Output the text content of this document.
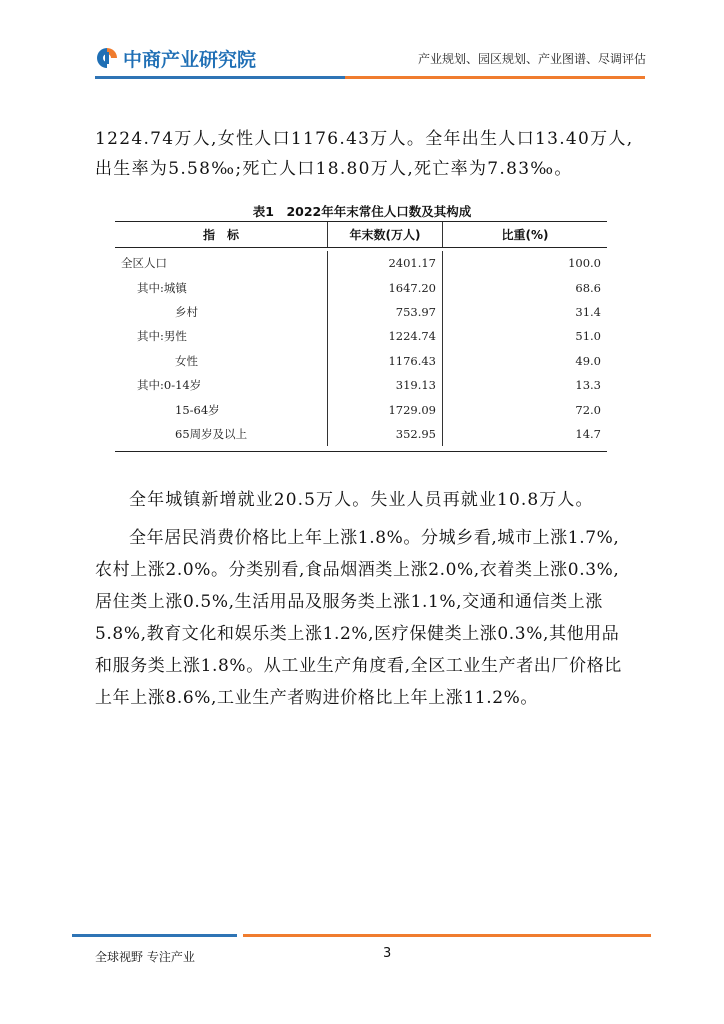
中商产业研究院	产业规划、园区规划、产业图谱、尽调评估

1224.74万人,女性人口1176.43万人。全年出生人口13.40万人,出生率为5.58‰;死亡人口18.80万人,死亡率为7.83‰。

表1　2022年年末常住人口数及其构成
指　标	年末数(万人)	比重(%)
全区人口	2401.17	100.0
其中:城镇	1647.20	68.6
乡村	753.97	31.4
其中:男性	1224.74	51.0
女性	1176.43	49.0
其中:0-14岁	319.13	13.3
15-64岁	1729.09	72.0
65周岁及以上	352.95	14.7

全年城镇新增就业20.5万人。失业人员再就业10.8万人。

全年居民消费价格比上年上涨1.8%。分城乡看,城市上涨1.7%,农村上涨2.0%。分类别看,食品烟酒类上涨2.0%,衣着类上涨0.3%,居住类上涨0.5%,生活用品及服务类上涨1.1%,交通和通信类上涨5.8%,教育文化和娱乐类上涨1.2%,医疗保健类上涨0.3%,其他用品和服务类上涨1.8%。从工业生产角度看,全区工业生产者出厂价格比上年上涨8.6%,工业生产者购进价格比上年上涨11.2%。

全球视野 专注产业	3
